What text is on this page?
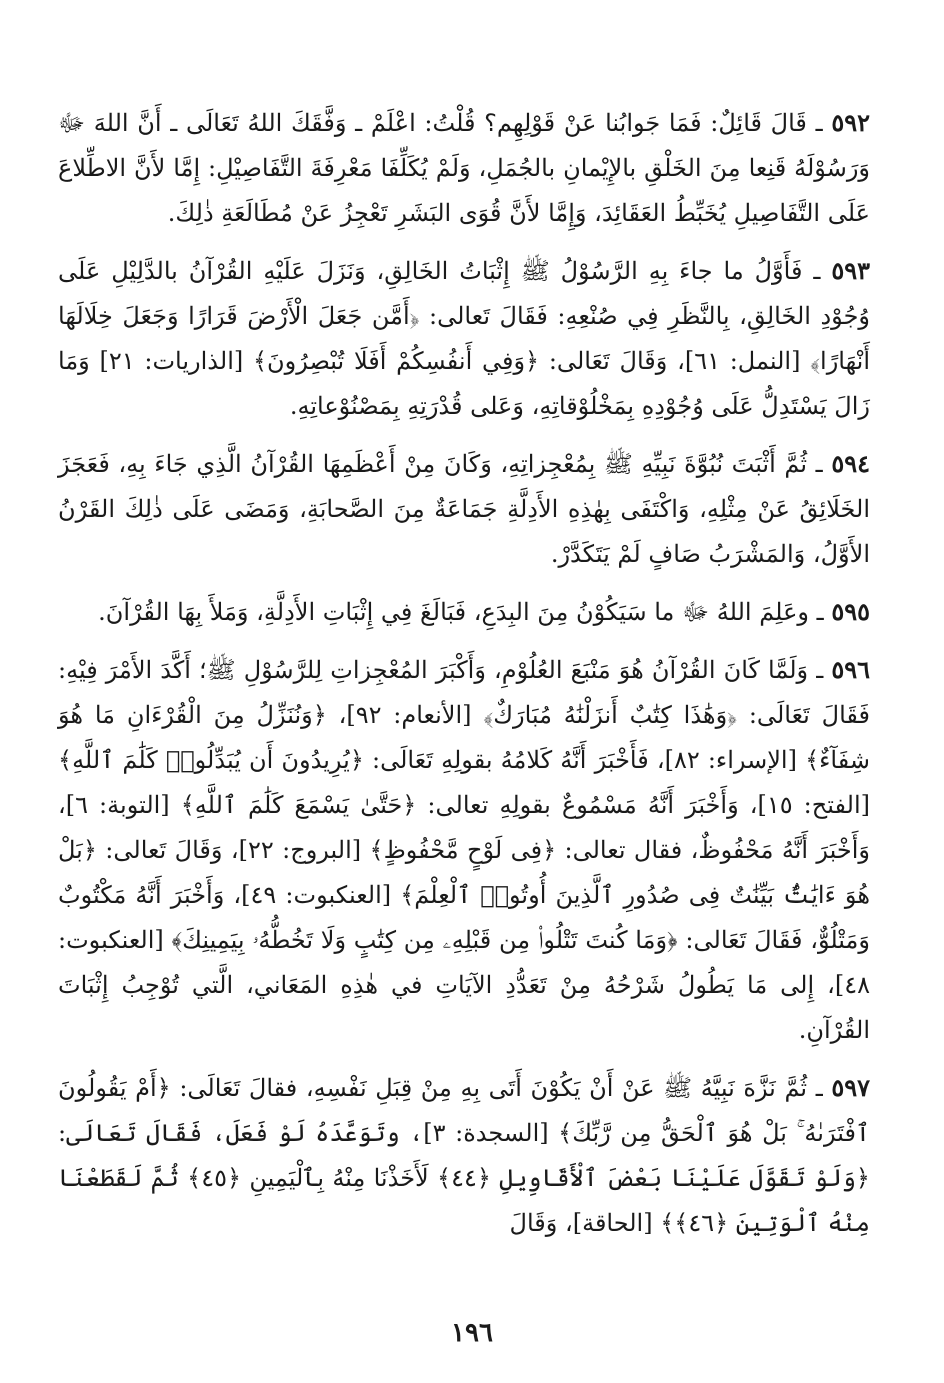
٥٩٢ ـ قَالَ قَائِلٌ: فَمَا جَوابُنا عَنْ قَوْلِهِم؟ قُلْتُ: اعْلَمْ ـ وَفَّقَكَ اللهُ تَعَالَى ـ أَنَّ اللهَ ﷻ وَرَسُوْلَهُ قَنِعا مِنَ الخَلْقِ بالإِيْمانِ بالجُمَلِ، وَلَمْ يُكَلِّفَا مَعْرِفَةَ التَّفَاصِيْلِ: إِمَّا لأَنَّ الاطِّلاعَ عَلَى التَّفَاصِيلِ يُخَبِّطُ العَقَائِدَ، وَإِمَّا لأَنَّ قُوَى البَشَرِ تَعْجِزُ عَنْ مُطَالَعَةِ ذٰلِكَ.

٥٩٣ ـ فَأَوَّلُ ما جاءَ بِهِ الرَّسُوْلُ ﷺ إِثْبَاتُ الخَالِقِ، وَنَزَلَ عَلَيْهِ القُرْآنُ بالدَّلِيْلِ عَلَى وُجُوْدِ الخَالِقِ، بِالنَّظَرِ فِي صُنْعِهِ: فَقَالَ تَعالى: ﴿أَمَّن جَعَلَ الْأَرْضَ قَرَارًا وَجَعَلَ خِلَالَهَا أَنْهَارًا﴾ [النمل: ٦١]، وَقَالَ تَعَالى: ﴿وَفِي أَنفُسِكُمْ أَفَلَا تُبْصِرُونَ﴾ [الذاريات: ٢١] وَمَا زَالَ يَسْتَدِلُّ عَلَى وُجُوْدِهِ بِمَخْلُوْقاتِهِ، وَعَلى قُدْرَتِهِ بِمَصْنُوْعاتِهِ.

٥٩٤ ـ ثُمَّ أَثْبَتَ نُبُوَّةَ نَبِيِّهِ ﷺ بِمُعْجِزاتِهِ، وَكَانَ مِنْ أَعْظَمِهَا القُرْآنُ الَّذِي جَاءَ بِهِ، فَعَجَزَ الخَلَائِقُ عَنْ مِثْلِهِ، وَاكْتَفَى بِهٰذِهِ الأَدِلَّةِ جَمَاعَةٌ مِنَ الصَّحابَةِ، وَمَضَى عَلَى ذٰلِكَ القَرْنُ الأَوَّلُ، وَالمَشْرَبُ صَافٍ لَمْ يَتَكَدَّرْ.

٥٩٥ ـ وعَلِمَ اللهُ ﷻ ما سَيَكُوْنُ مِنَ البِدَعِ، فَبَالَغَ فِي إِثْبَاتِ الأَدِلَّةِ، وَمَلأَ بِهَا القُرْآنَ.

٥٩٦ ـ وَلَمَّا كَانَ القُرْآنُ هُوَ مَنْبَعَ العُلُوْمِ، وَأَكْبَرَ المُعْجِزاتِ لِلرَّسُوْلِ ﷺ؛ أَكَّدَ الأَمْرَ فِيْهِ: فَقَالَ تَعَالَى: ﴿وَهَٰذَا كِتَٰبٌ أَنزَلْنَٰهُ مُبَارَكٌ﴾ [الأنعام: ٩٢]، ﴿وَنُنَزِّلُ مِنَ الْقُرْءَانِ مَا هُوَ شِفَآءٌ﴾ [الإسراء: ٨٢]، فَأَخْبَرَ أَنَّهُ كَلامُهُ بقولِهِ تَعَالَى: ﴿يُرِيدُونَ أَن يُبَدِّلُوا۟ كَلَٰمَ ٱللَّهِ﴾ [الفتح: ١٥]، وَأَخْبَرَ أَنَّهُ مَسْمُوعٌ بقولِهِ تعالى: ﴿حَتَّىٰ يَسْمَعَ كَلَٰمَ ٱللَّهِ﴾ [التوبة: ٦]، وَأَخْبَرَ أَنَّهُ مَحْفُوظٌ، فقال تعالى: ﴿فِى لَوْحٍ مَّحْفُوظٍ﴾ [البروج: ٢٢]، وَقَالَ تَعالى: ﴿بَلْ هُوَ ءَايَٰتٌۢ بَيِّنَٰتٌ فِى صُدُورِ ٱلَّذِينَ أُوتُوا۟ ٱلْعِلْمَ﴾ [العنكبوت: ٤٩]، وَأَخْبَرَ أَنَّهُ مَكْتُوبٌ وَمَتْلُوٌّ، فَقَالَ تَعَالى: ﴿وَمَا كُنتَ تَتْلُوا۟ مِن قَبْلِهِۦ مِن كِتَٰبٍ وَلَا تَخُطُّهُۥ بِيَمِينِكَ﴾ [العنكبوت: ٤٨]، إِلى مَا يَطُولُ شَرْحُهُ مِنْ تَعَدُّدِ الآيَاتِ في هٰذِهِ المَعَاني، الَّتي تُوْجِبُ إِثْبَاتَ القُرْآنِ.

٥٩٧ ـ ثُمَّ نَزَّهَ نَبِيَّهُ ﷺ عَنْ أَنْ يَكُوْنَ أَتَى بِهِ مِنْ قِبَلِ نَفْسِهِ، فقالَ تَعَالَى: ﴿أَمْ يَقُولُونَ ٱفْتَرَىٰهُ ۚ بَلْ هُوَ ٱلْحَقُّ مِن رَّبِّكَ﴾ [السجدة: ٣]، وتَوَعَّدَهُ لَوْ فَعَلَ، فَقَالَ تَعَالَى: ﴿وَلَوْ تَقَوَّلَ عَلَيْنَا بَعْضَ ٱلْأَقَاوِيلِ ﴿٤٤﴾ لَأَخَذْنَا مِنْهُ بِٱلْيَمِينِ ﴿٤٥﴾ ثُمَّ لَقَطَعْنَا مِنْهُ ٱلْوَتِينَ ﴿٤٦﴾﴾ [الحاقة]، وَقَالَ

١٩٦
